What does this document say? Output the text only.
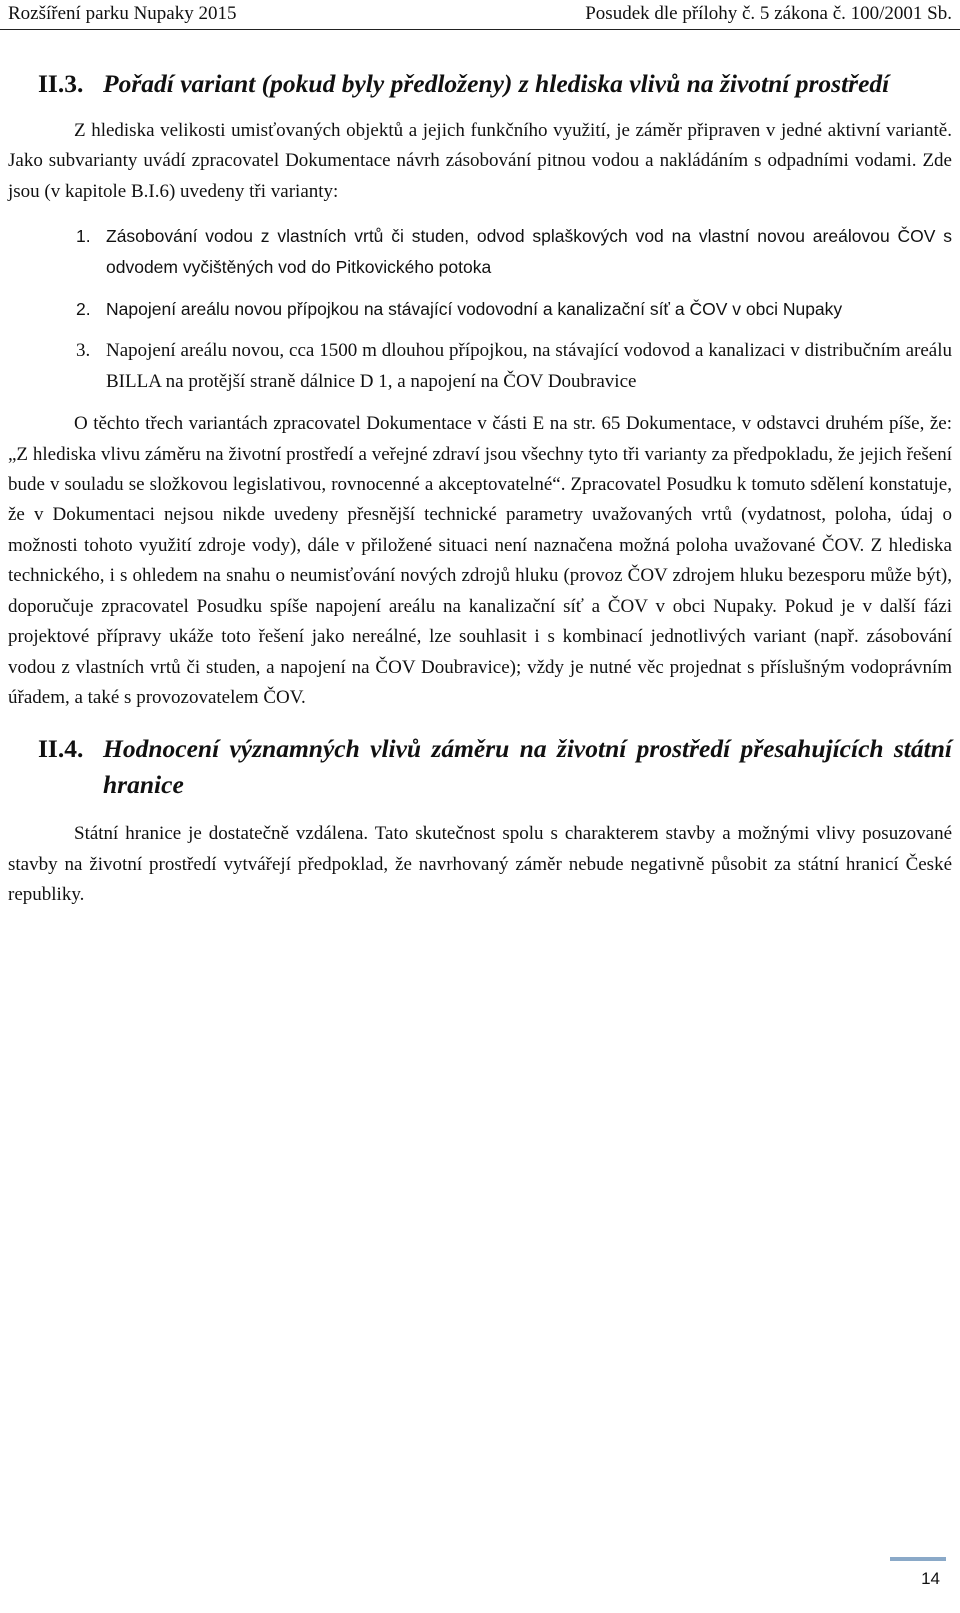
Rozšíření parku Nupaky 2015	Posudek dle přílohy č. 5 zákona č. 100/2001 Sb.
II.3. Pořadí variant (pokud byly předloženy) z hlediska vlivů na životní prostředí

Z hlediska velikosti umisťovaných objektů a jejich funkčního využití, je záměr připraven v jedné aktivní variantě. Jako subvarianty uvádí zpracovatel Dokumentace návrh zásobování pitnou vodou a nakládáním s odpadními vodami. Zde jsou (v kapitole B.I.6) uvedeny tři varianty:

1. Zásobování vodou z vlastních vrtů či studen, odvod splaškových vod na vlastní novou areálovou ČOV s odvodem vyčištěných vod do Pitkovického potoka
2. Napojení areálu novou přípojkou na stávající vodovodní a kanalizační síť a ČOV v obci Nupaky
3. Napojení areálu novou, cca 1500 m dlouhou přípojkou, na stávající vodovod a kanalizaci v distribučním areálu BILLA na protější straně dálnice D 1, a napojení na ČOV Doubravice

O těchto třech variantách zpracovatel Dokumentace v části E na str. 65 Dokumentace, v odstavci druhém píše, že: „Z hlediska vlivu záměru na životní prostředí a veřejné zdraví jsou všechny tyto tři varianty za předpokladu, že jejich řešení bude v souladu se složkovou legislativou, rovnocenné a akceptovatelné“. Zpracovatel Posudku k tomuto sdělení konstatuje, že v Dokumentaci nejsou nikde uvedeny přesnější technické parametry uvažovaných vrtů (vydatnost, poloha, údaj o možnosti tohoto využití zdroje vody), dále v přiložené situaci není naznačena možná poloha uvažované ČOV. Z hlediska technického, i s ohledem na snahu o neumisťování nových zdrojů hluku (provoz ČOV zdrojem hluku bezesporu může být), doporučuje zpracovatel Posudku spíše napojení areálu na kanalizační síť a ČOV v obci Nupaky. Pokud je v další fázi projektové přípravy ukáže toto řešení jako nereálné, lze souhlasit i s kombinací jednotlivých variant (např. zásobování vodou z vlastních vrtů či studen, a napojení na ČOV Doubravice); vždy je nutné věc projednat s příslušným vodoprávním úřadem, a také s provozovatelem ČOV.

II.4. Hodnocení významných vlivů záměru na životní prostředí přesahujících státní hranice

Státní hranice je dostatečně vzdálena. Tato skutečnost spolu s charakterem stavby a možnými vlivy posuzované stavby na životní prostředí vytvářejí předpoklad, že navrhovaný záměr nebude negativně působit za státní hranicí České republiky.

14
